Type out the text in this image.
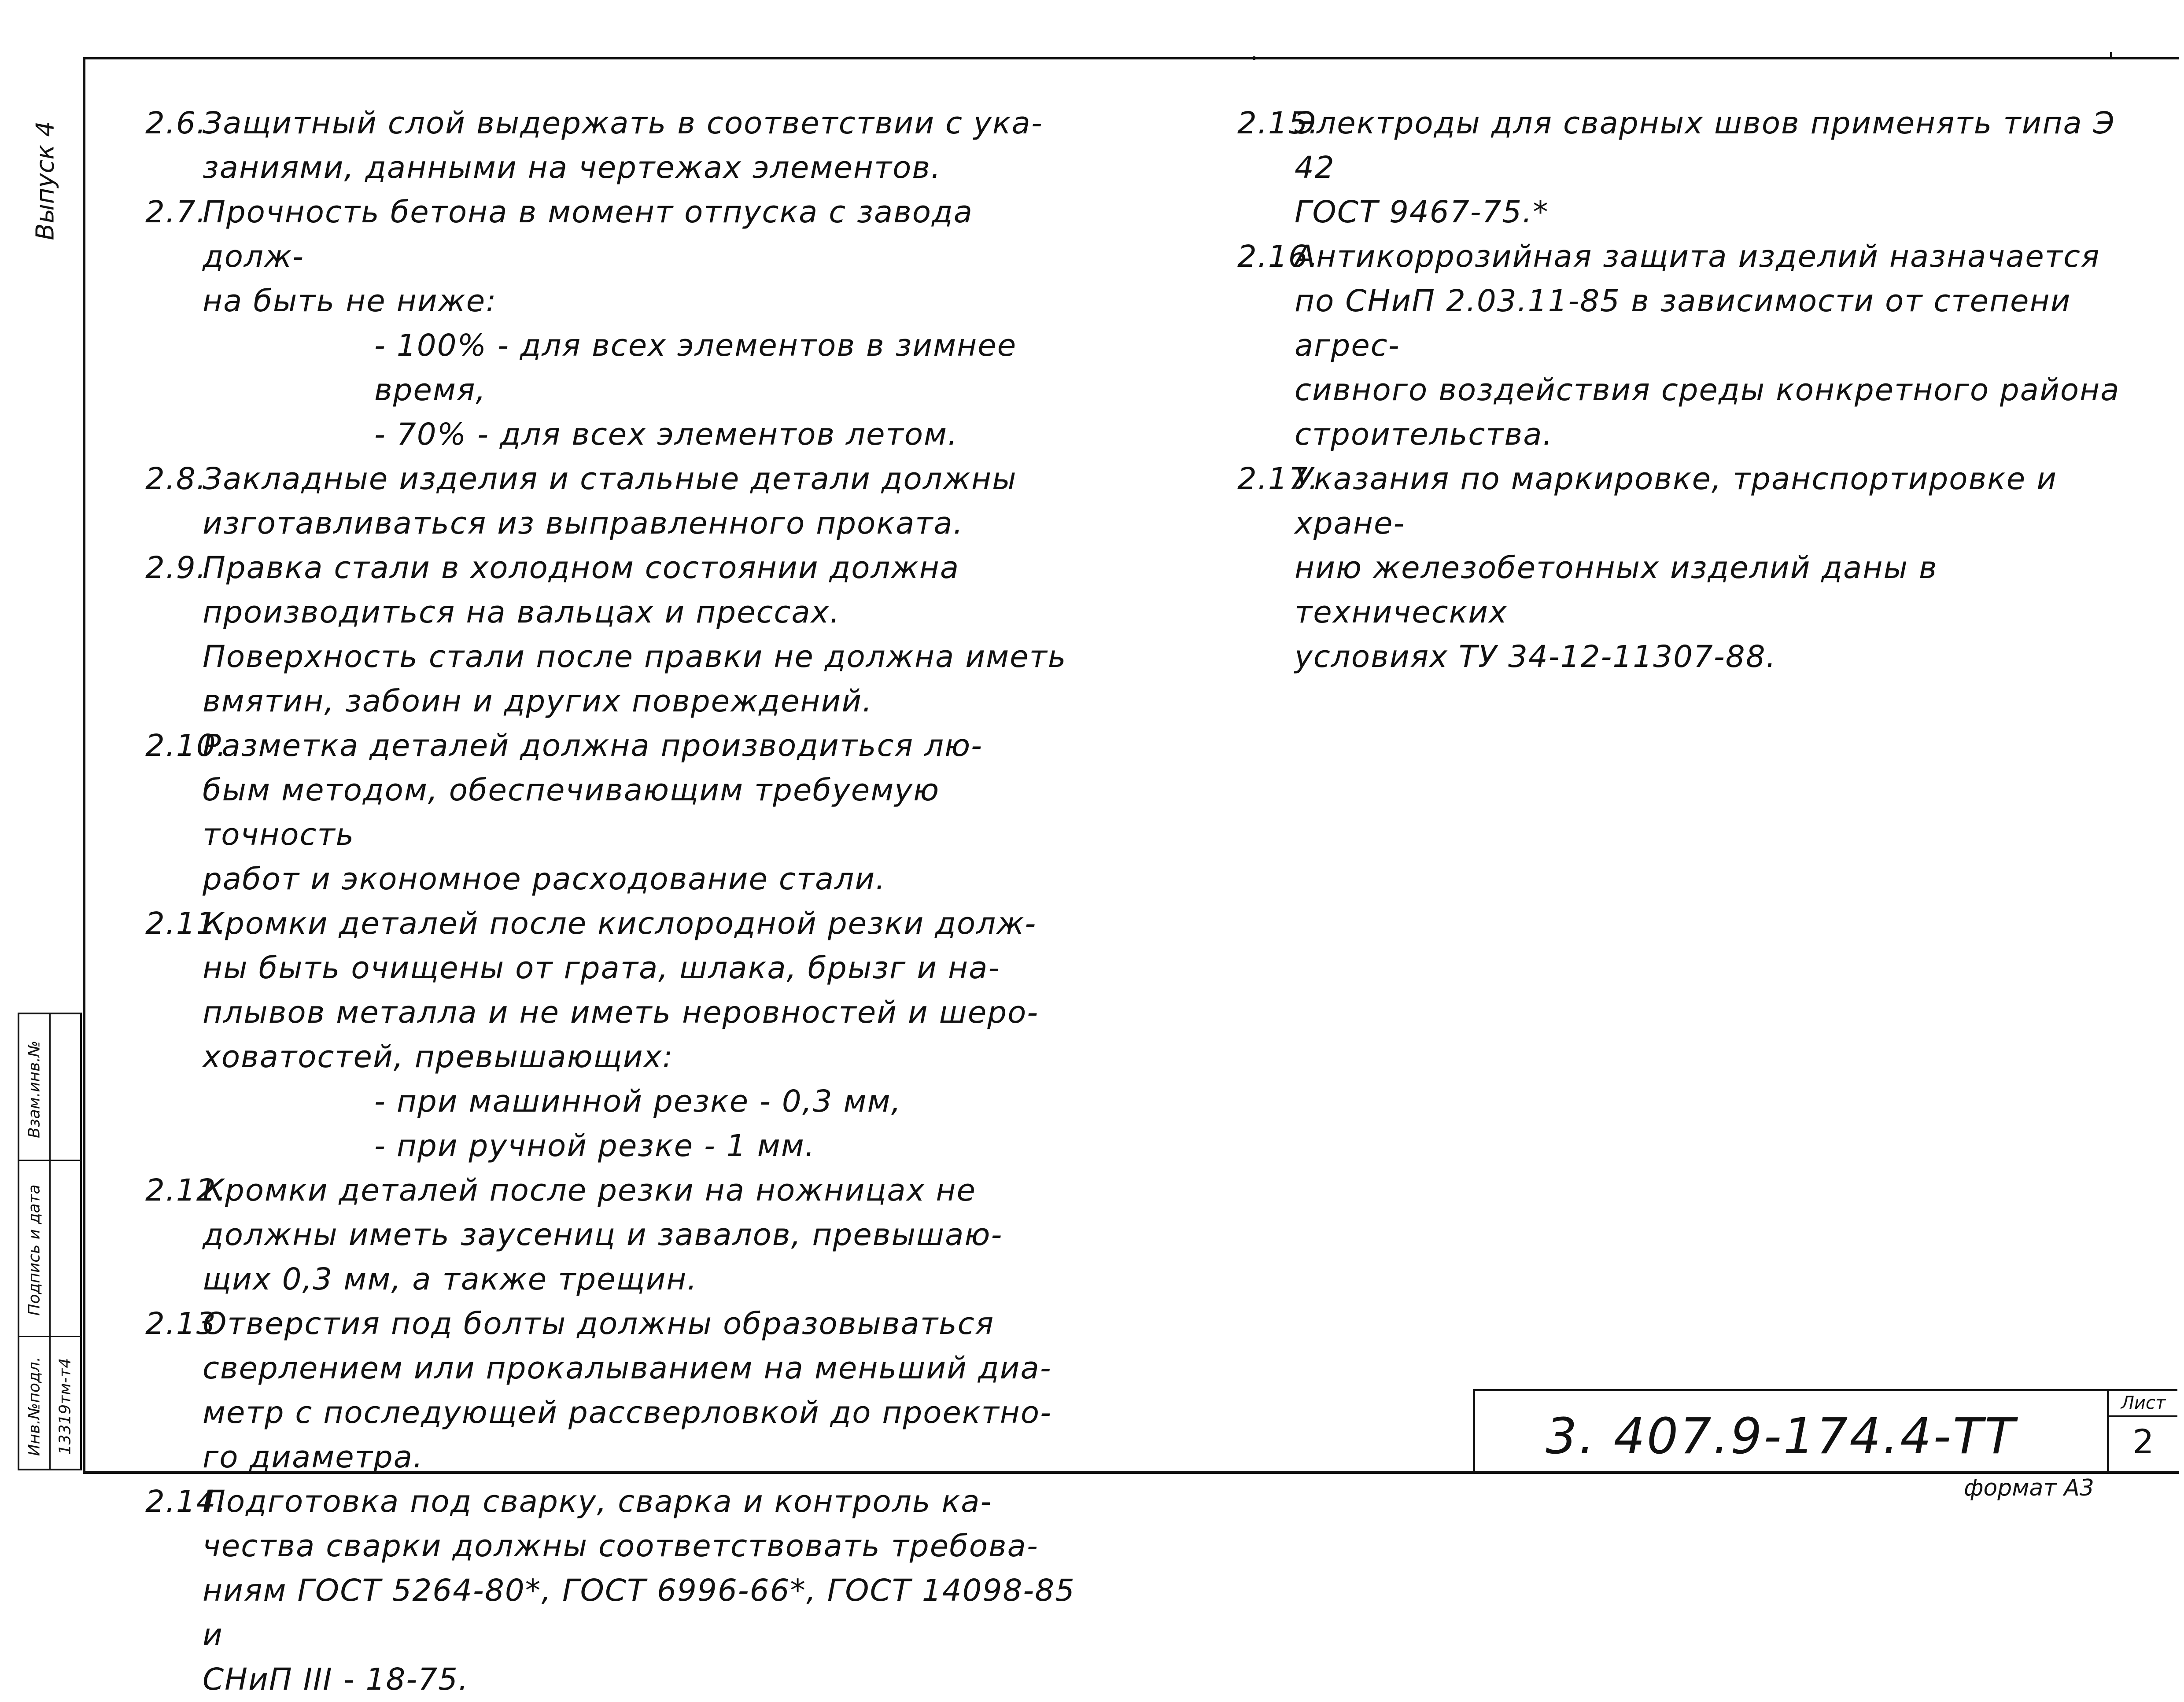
Выпуск 4
Взам.инв.№
Подпись и дата
Инв.№подл. 13319тм-т4
2.6.
Защитный слой выдержать в соответствии с ука-
заниями, данными на чертежах элементов.
2.7.
Прочность бетона в момент отпуска с завода долж-
на быть не ниже:
- 100% - для всех элементов в зимнее время,
- 70% - для всех элементов летом.
2.8.
Закладные изделия и стальные детали должны
изготавливаться из выправленного проката.
2.9.
Правка стали в холодном состоянии должна
производиться на вальцах и прессах.
Поверхность стали после правки не должна иметь
вмятин, забоин и других повреждений.
2.10.
Разметка деталей должна производиться лю-
бым методом, обеспечивающим требуемую точность
работ и экономное расходование стали.
2.11.
Кромки деталей после кислородной резки долж-
ны быть очищены от грата, шлака, брызг и на-
плывов металла и не иметь неровностей и шеро-
ховатостей, превышающих:
- при машинной резке - 0,3 мм,
- при ручной резке - 1 мм.
2.12.
Кромки деталей после резки на ножницах не
должны иметь заусениц и завалов, превышаю-
щих 0,3 мм, а также трещин.
2.13
Отверстия под болты должны образовываться
сверлением или прокалыванием на меньший диа-
метр с последующей рассверловкой до проектно-
го диаметра.
2.14.
Подготовка под сварку, сварка и контроль ка-
чества сварки должны соответствовать требова-
ниям ГОСТ 5264-80*, ГОСТ 6996-66*, ГОСТ 14098-85 и
СНиП III - 18-75.
2.15.
Электроды для сварных швов применять типа Э 42
ГОСТ 9467-75.*
2.16.
Антикоррозийная защита изделий назначается
по СНиП 2.03.11-85 в зависимости от степени агрес-
сивного воздействия среды конкретного района
строительства.
2.17.
Указания по маркировке, транспортировке и хране-
нию железобетонных изделий даны в технических
условиях ТУ 34-12-11307-88.
3. 407.9-174.4-ТТ
Лист
2
формат А3
